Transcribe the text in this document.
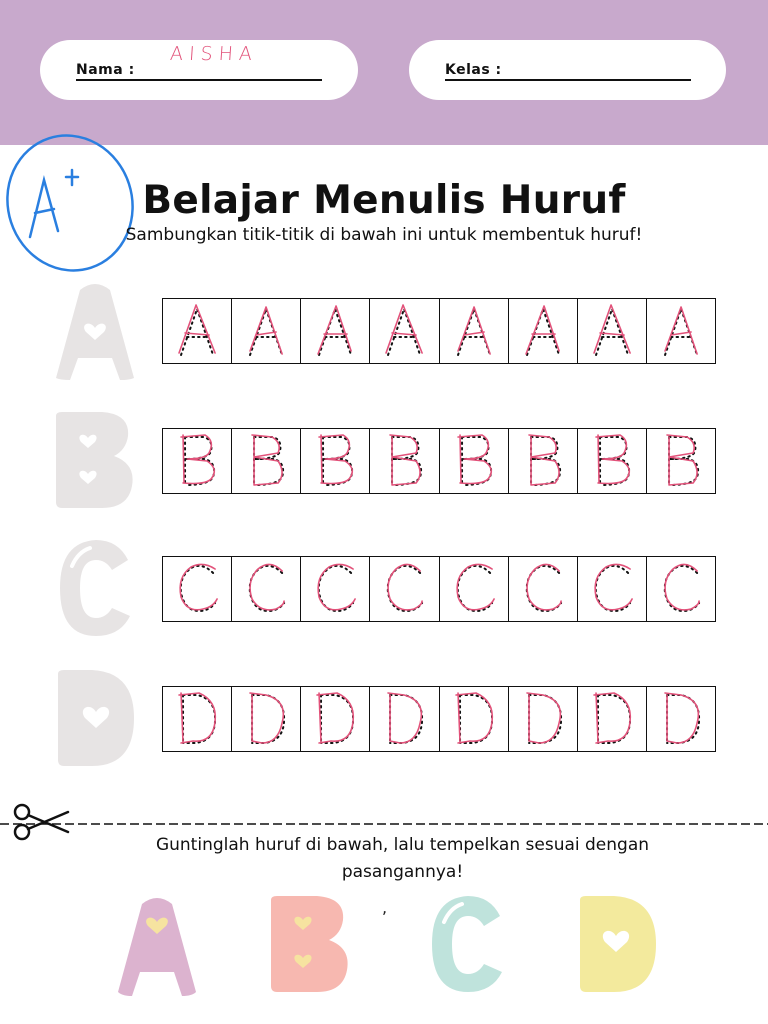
Nama :
AISHA
Kelas :
Belajar Menulis Huruf
Sambungkan titik-titik di bawah ini untuk membentuk huruf!
Guntinglah huruf di bawah, lalu tempelkan sesuai dengan pasangannya!
,
